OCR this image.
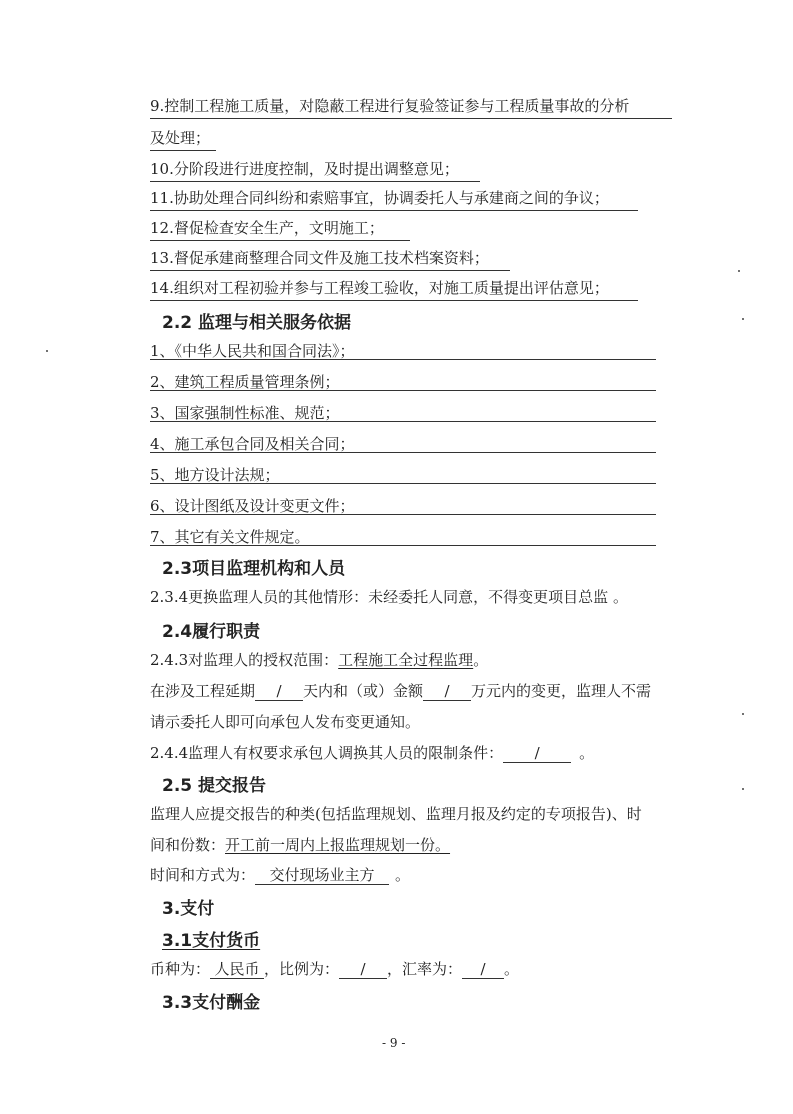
9.控制工程施工质量，对隐蔽工程进行复验签证参与工程质量事故的分析
及处理；
10.分阶段进行进度控制，及时提出调整意见；
11.协助处理合同纠纷和索赔事宜，协调委托人与承建商之间的争议；
12.督促检查安全生产，文明施工；
13.督促承建商整理合同文件及施工技术档案资料；
14.组织对工程初验并参与工程竣工验收，对施工质量提出评估意见；
2.2 监理与相关服务依据
1、《中华人民共和国合同法》；
2、建筑工程质量管理条例；
3、国家强制性标准、规范；
4、施工承包合同及相关合同；
5、地方设计法规；
6、设计图纸及设计变更文件；
7、其它有关文件规定。
2.3项目监理机构和人员
2.3.4更换监理人员的其他情形：未经委托人同意，不得变更项目总监 。
2.4履行职责
2.4.3对监理人的授权范围：工程施工全过程监理。
在涉及工程延期 / 天内和（或）金额 / 万元内的变更，监理人不需
请示委托人即可向承包人发布变更通知。
2.4.4监理人有权要求承包人调换其人员的限制条件： /	。
2.5 提交报告
监理人应提交报告的种类(包括监理规划、监理月报及约定的专项报告)、时
间和份数：开工前一周内上报监理规划一份。
时间和方式为： 交付现场业主方 。
3.支付
3.1支付货币
币种为： 人民币 ，比例为： / ，汇率为： / 。
3.3支付酬金
- 9 -
